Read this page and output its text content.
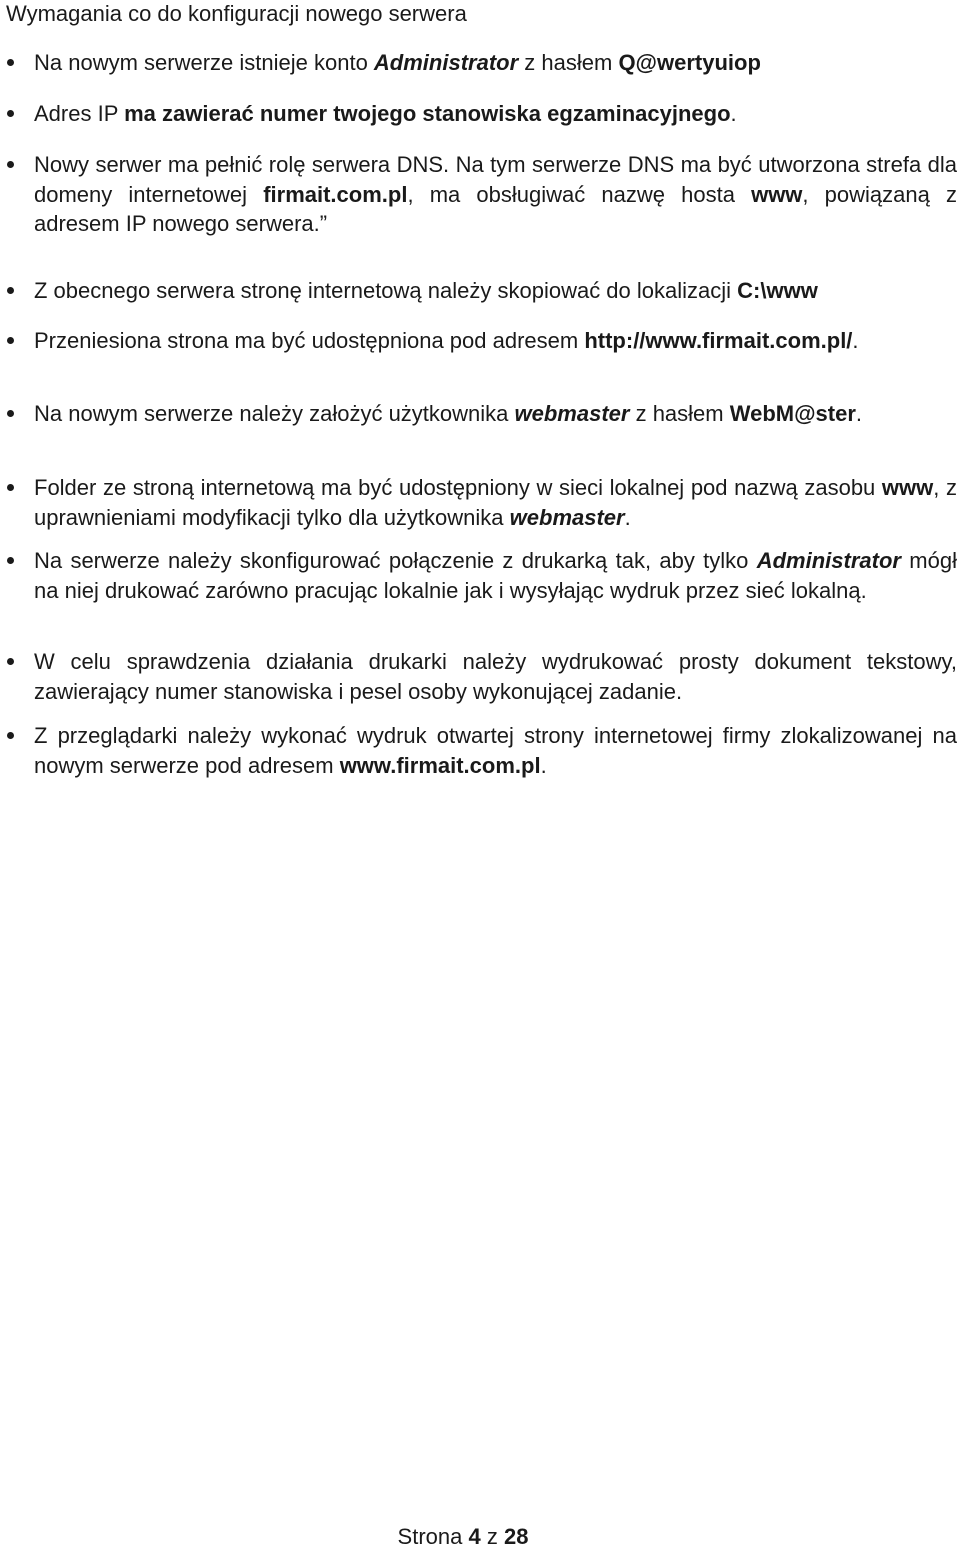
Wymagania co do konfiguracji nowego serwera
Na nowym serwerze istnieje konto Administrator z hasłem Q@wertyuiop
Adres IP ma zawierać numer twojego stanowiska egzaminacyjnego.
Nowy serwer ma pełnić rolę serwera DNS. Na tym serwerze DNS ma być utworzona strefa dla domeny internetowej firmait.com.pl, ma obsługiwać nazwę hosta www, powiązaną z adresem IP nowego serwera.”
Z obecnego serwera stronę internetową należy skopiować do lokalizacji C:\www
Przeniesiona strona ma być udostępniona pod adresem http://www.firmait.com.pl/.
Na nowym serwerze należy założyć użytkownika webmaster z hasłem WebM@ster.
Folder ze stroną internetową ma być udostępniony w sieci lokalnej pod nazwą zasobu www, z uprawnieniami modyfikacji tylko dla użytkownika webmaster.
Na serwerze należy skonfigurować połączenie z drukarką tak, aby tylko Administrator mógł na niej drukować zarówno pracując lokalnie jak i wysyłając wydruk przez sieć lokalną.
W celu sprawdzenia działania drukarki należy wydrukować prosty dokument tekstowy, zawierający numer stanowiska i pesel osoby wykonującej zadanie.
Z przeglądarki należy wykonać wydruk otwartej strony internetowej firmy zlokalizowanej na nowym serwerze pod adresem www.firmait.com.pl.
Strona 4 z 28
